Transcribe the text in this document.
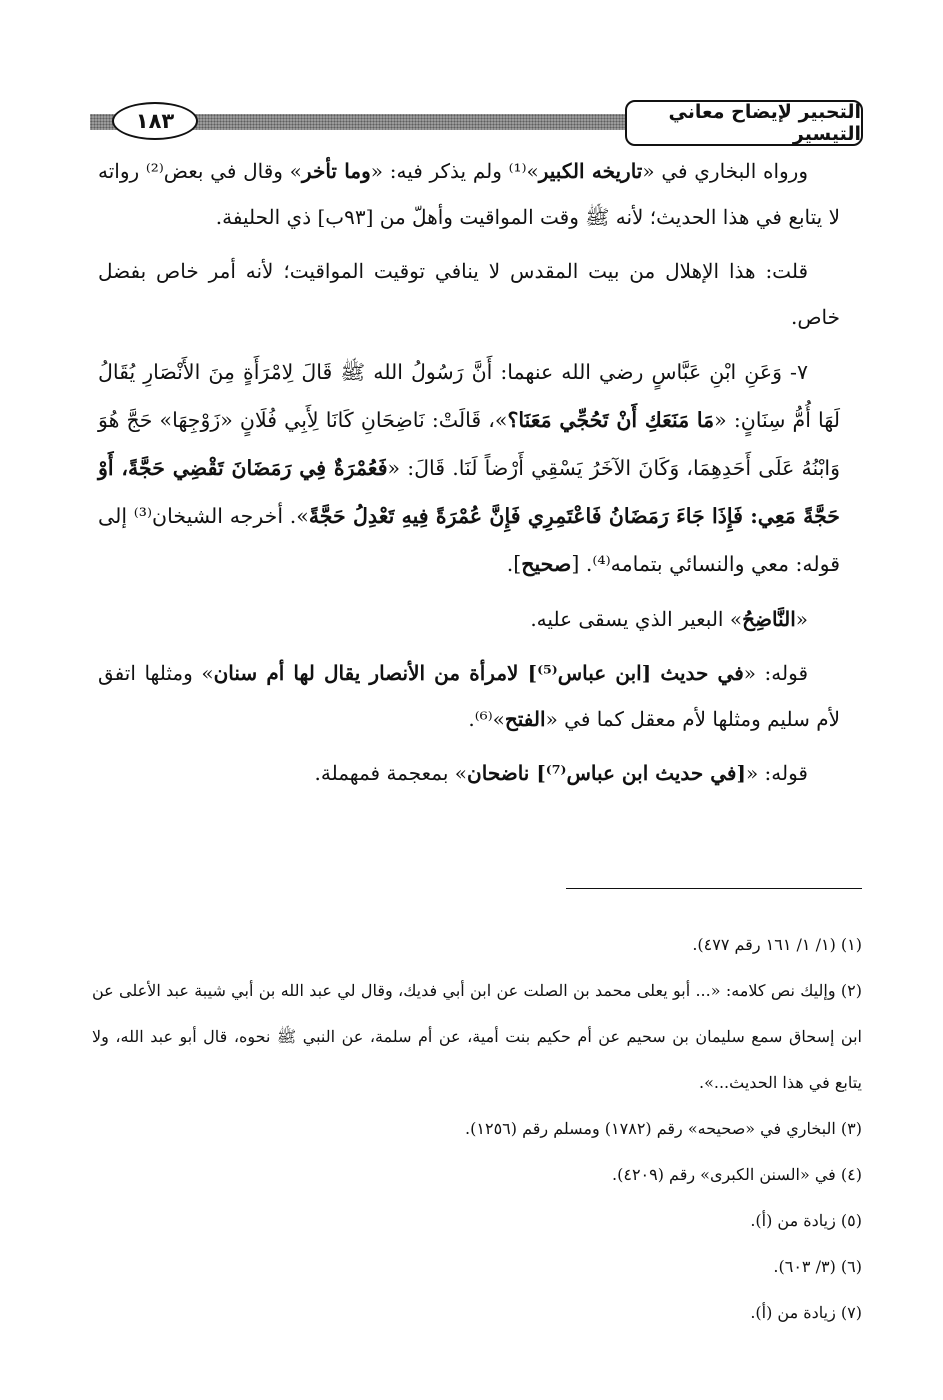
١٨٣	التحبير لإيضاح معاني التيسير

ورواه البخاري في «تاريخه الكبير»⁽¹⁾ ولم يذكر فيه: «وما تأخر» وقال في بعض⁽²⁾ رواته لا يتابع في هذا الحديث؛ لأنه ﷺ وقت المواقيت وأهلّ من [٩٣ب] ذي الحليفة.

قلت: هذا الإهلال من بيت المقدس لا ينافي توقيت المواقيت؛ لأنه أمر خاص بفضل خاص.

٧- وَعَنِ ابْنِ عَبَّاسٍ رضي الله عنهما: أَنَّ رَسُولُ الله ﷺ قَالَ لِامْرَأَةٍ مِنَ الأَنْصَارِ يُقَالُ لَهَا أُمُّ سِنَانٍ: «مَا مَنَعَكِ أَنْ تَحُجِّي مَعَنَا؟»، قَالَتْ: نَاضِحَانِ كَانَا لِأَبِي فُلَانٍ «زَوْجِهَا» حَجَّ هُوَ وَابْنُهُ عَلَى أَحَدِهِمَا، وَكَانَ الآخَرُ يَسْقِي أَرْضاً لَنَا. قَالَ: «فَعُمْرَةٌ فِي رَمَضَانَ تَقْضِي حَجَّةً، أَوْ حَجَّةً مَعِي: فَإِذَا جَاءَ رَمَضَانُ فَاعْتَمِرِي فَإِنَّ عُمْرَةً فِيهِ تَعْدِلُ حَجَّةً». أخرجه الشيخان⁽³⁾ إلى قوله: معي والنسائي بتمامه⁽⁴⁾. [صحيح].

«النَّاضِحُ» البعير الذي يسقى عليه.

قوله: «في حديث [ابن عباس⁽⁵⁾] لامرأة من الأنصار يقال لها أم سنان» ومثلها اتفق لأم سليم ومثلها لأم معقل كما في «الفتح»⁽⁶⁾.

قوله: «[في حديث ابن عباس⁽⁷⁾] ناضحان» بمعجمة فمهملة.

(١) (١/ ١/ ١٦١ رقم ٤٧٧).

(٢) وإليك نص كلامه: «... أبو يعلى محمد بن الصلت عن ابن أبي فديك، وقال لي عبد الله بن أبي شيبة عبد الأعلى عن ابن إسحاق سمع سليمان بن سحيم عن أم حكيم بنت أمية، عن أم سلمة، عن النبي ﷺ نحوه، قال أبو عبد الله، ولا يتابع في هذا الحديث...».

(٣) البخاري في «صحيحه» رقم (١٧٨٢) ومسلم رقم (١٢٥٦).

(٤) في «السنن الكبرى» رقم (٤٢٠٩).

(٥) زيادة من (أ).

(٦) (٣/ ٦٠٣).

(٧) زيادة من (أ).
